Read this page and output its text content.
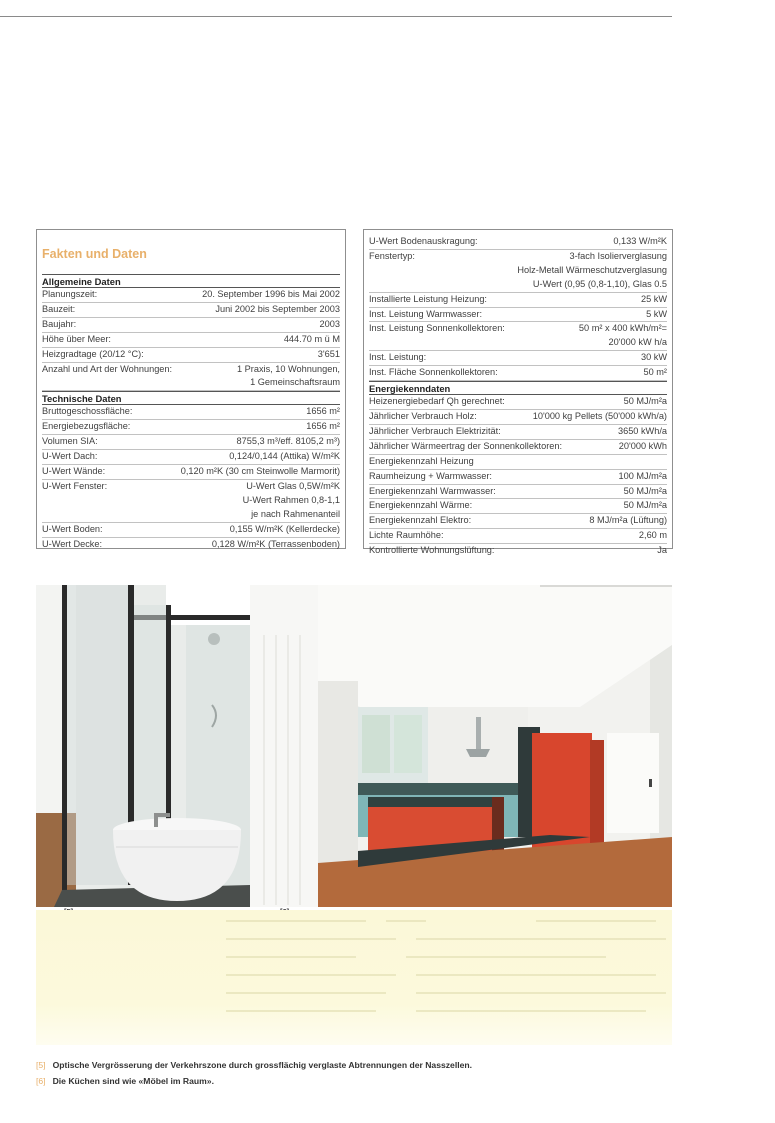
Fakten und Daten
Allgemeine Daten
Planungszeit:	20. September 1996 bis Mai 2002
Bauzeit:	Juni 2002 bis September 2003
Baujahr:	2003
Höhe über Meer:	444.70 m ü M
Heizgradtage (20/12 °C):	3'651
Anzahl und Art der Wohnungen:	1 Praxis, 10 Wohnungen,
1 Gemeinschaftsraum
Technische Daten
Bruttogeschossfläche:	1656 m²
Energiebezugsfläche:	1656 m²
Volumen SIA:	8755,3 m³/eff. 8105,2 m³)
U-Wert Dach:	0,124/0,144 (Attika) W/m²K
U-Wert Wände:	0,120 m²K (30 cm Steinwolle Marmorit)
U-Wert Fenster:	U-Wert Glas 0,5W/m²K
U-Wert Rahmen 0,8-1,1
je nach Rahmenanteil
U-Wert Boden:	0,155 W/m²K (Kellerdecke)
U-Wert Decke:	0,128 W/m²K (Terrassenboden)
U-Wert Bodenauskragung:	0,133 W/m²K
Fenstertyp:	3-fach Isolierverglasung
Holz-Metall Wärmeschutzverglasung
U-Wert (0,95 (0,8-1,10), Glas 0.5
Installierte Leistung Heizung:	25 kW
Inst. Leistung Warmwasser:	5 kW
Inst. Leistung Sonnenkollektoren:	50 m² x 400 kWh/m²=
20'000 kW h/a
Inst. Leistung:	30 kW
Inst. Fläche Sonnenkollektoren:	50 m²
Energiekenndaten
Heizenergiebedarf Qh gerechnet:	50 MJ/m²a
Jährlicher Verbrauch Holz:	10'000 kg Pellets (50'000 kWh/a)
Jährlicher Verbrauch Elektrizität:	3650 kWh/a
Jährlicher Wärmeertrag der Sonnenkollektoren:	20'000 kWh
Energiekennzahl Heizung

Raumheizung + Warmwasser:	100 MJ/m²a
Energiekennzahl Warmwasser:	50 MJ/m²a
Energiekennzahl Wärme:	50 MJ/m²a
Energiekennzahl Elektro:	8 MJ/m²a (Lüftung)
Lichte Raumhöhe:	2,60 m
Kontrollierte Wohnungslüftung:	Ja
[5] Optische Vergrösserung der Verkehrszone durch grossflächig verglaste Abtrennungen der Nasszellen.
[6] Die Küchen sind wie «Möbel im Raum».
